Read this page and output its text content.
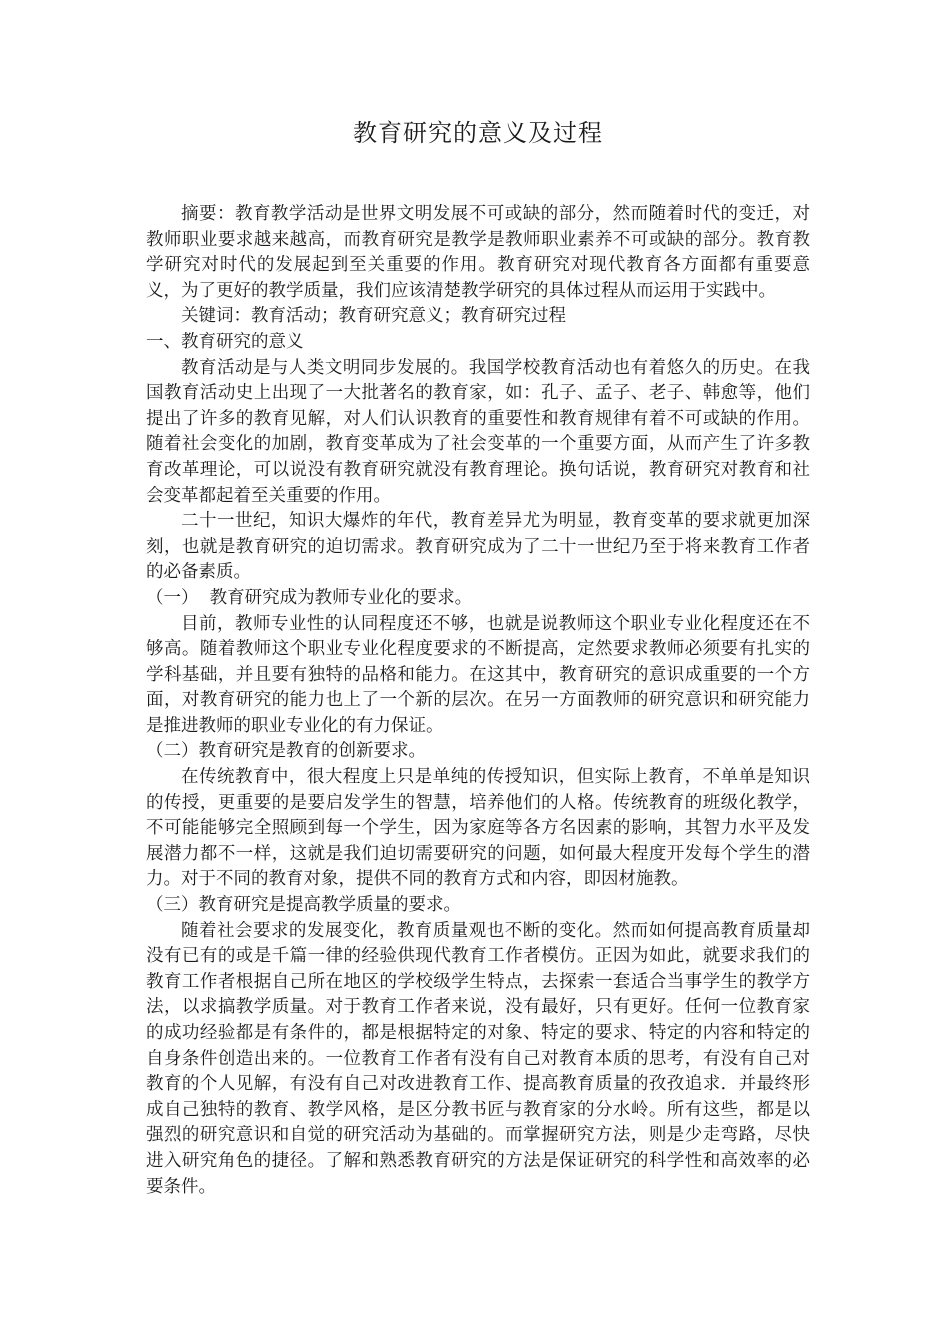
教育研究的意义及过程

摘要：教育教学活动是世界文明发展不可或缺的部分，然而随着时代的变迁，对教师职业要求越来越高，而教育研究是教学是教师职业素养不可或缺的部分。教育教学研究对时代的发展起到至关重要的作用。教育研究对现代教育各方面都有重要意义，为了更好的教学质量，我们应该清楚教学研究的具体过程从而运用于实践中。

关键词：教育活动；教育研究意义；教育研究过程

一、教育研究的意义

教育活动是与人类文明同步发展的。我国学校教育活动也有着悠久的历史。在我国教育活动史上出现了一大批著名的教育家，如：孔子、孟子、老子、韩愈等，他们提出了许多的教育见解，对人们认识教育的重要性和教育规律有着不可或缺的作用。随着社会变化的加剧，教育变革成为了社会变革的一个重要方面，从而产生了许多教育改革理论，可以说没有教育研究就没有教育理论。换句话说，教育研究对教育和社会变革都起着至关重要的作用。

二十一世纪，知识大爆炸的年代，教育差异尤为明显，教育变革的要求就更加深刻，也就是教育研究的迫切需求。教育研究成为了二十一世纪乃至于将来教育工作者的必备素质。

（一）  教育研究成为教师专业化的要求。

目前，教师专业性的认同程度还不够，也就是说教师这个职业专业化程度还在不够高。随着教师这个职业专业化程度要求的不断提高，定然要求教师必须要有扎实的学科基础，并且要有独特的品格和能力。在这其中，教育研究的意识成重要的一个方面，对教育研究的能力也上了一个新的层次。在另一方面教师的研究意识和研究能力是推进教师的职业专业化的有力保证。

（二）教育研究是教育的创新要求。

在传统教育中，很大程度上只是单纯的传授知识，但实际上教育，不单单是知识的传授，更重要的是要启发学生的智慧，培养他们的人格。传统教育的班级化教学，不可能能够完全照顾到每一个学生，因为家庭等各方名因素的影响，其智力水平及发展潜力都不一样，这就是我们迫切需要研究的问题，如何最大程度开发每个学生的潜力。对于不同的教育对象，提供不同的教育方式和内容，即因材施教。

（三）教育研究是提高教学质量的要求。

随着社会要求的发展变化，教育质量观也不断的变化。然而如何提高教育质量却没有已有的或是千篇一律的经验供现代教育工作者模仿。正因为如此，就要求我们的教育工作者根据自己所在地区的学校级学生特点，去探索一套适合当事学生的教学方法，以求搞教学质量。对于教育工作者来说，没有最好，只有更好。任何一位教育家的成功经验都是有条件的，都是根据特定的对象、特定的要求、特定的内容和特定的自身条件创造出来的。一位教育工作者有没有自己对教育本质的思考，有没有自己对教育的个人见解，有没有自己对改进教育工作、提高教育质量的孜孜追求．并最终形成自己独特的教育、教学风格，是区分教书匠与教育家的分水岭。所有这些，都是以强烈的研究意识和自觉的研究活动为基础的。而掌握研究方法，则是少走弯路，尽快进入研究角色的捷径。了解和熟悉教育研究的方法是保证研究的科学性和高效率的必要条件。
